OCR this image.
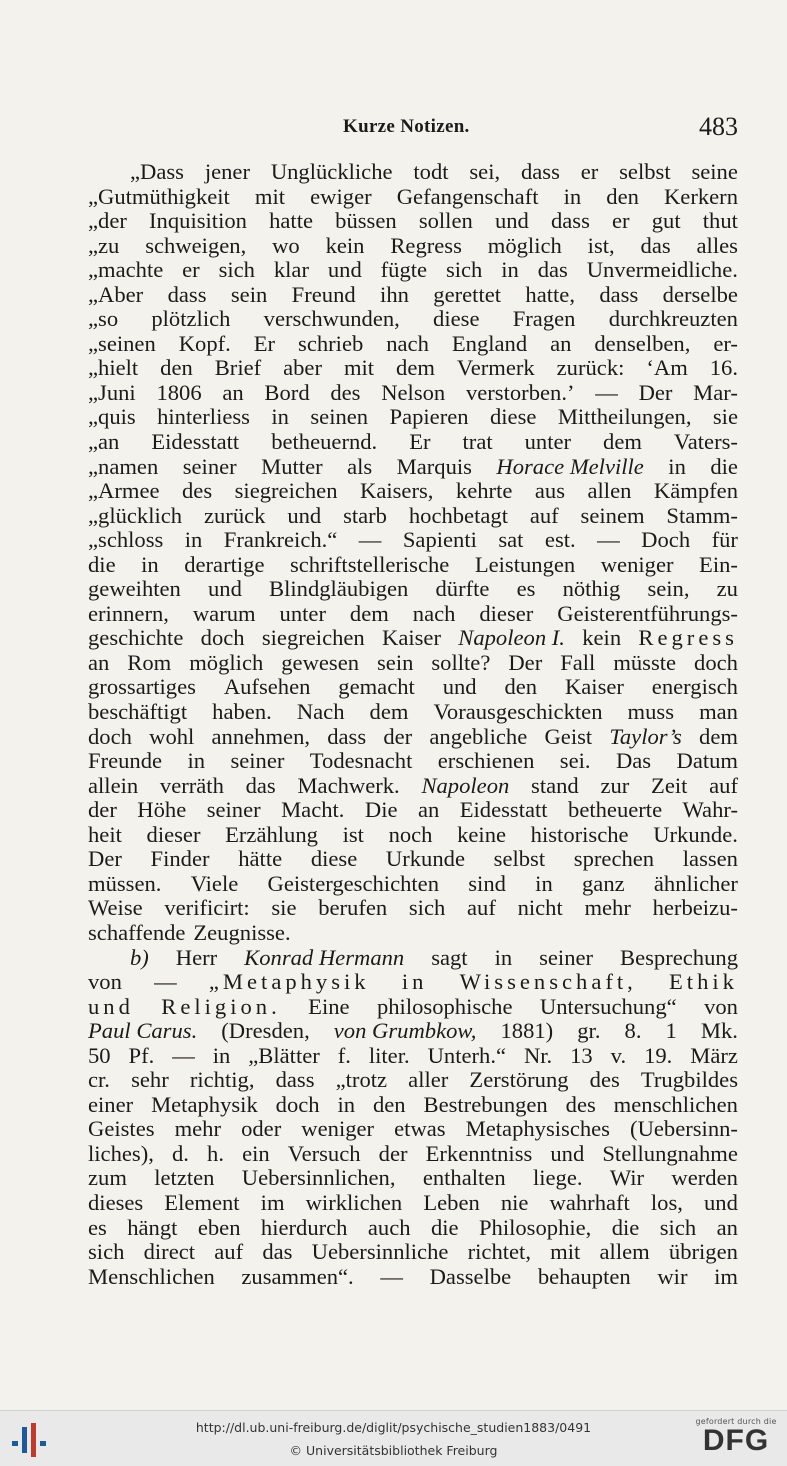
Kurze Notizen.	483
„Dass jener Unglückliche todt sei, dass er selbst seine
„Gutmüthigkeit mit ewiger Gefangenschaft in den Kerkern
„der Inquisition hatte büssen sollen und dass er gut thut
„zu schweigen, wo kein Regress möglich ist, das alles
„machte er sich klar und fügte sich in das Unvermeidliche.
„Aber dass sein Freund ihn gerettet hatte, dass derselbe
„so plötzlich verschwunden, diese Fragen durchkreuzten
„seinen Kopf. Er schrieb nach England an denselben, er-
„hielt den Brief aber mit dem Vermerk zurück: ‘Am 16.
„Juni 1806 an Bord des Nelson verstorben.’ — Der Mar-
„quis hinterliess in seinen Papieren diese Mittheilungen, sie
„an Eidesstatt betheuernd. Er trat unter dem Vaters-
„namen seiner Mutter als Marquis Horace Melville in die
„Armee des siegreichen Kaisers, kehrte aus allen Kämpfen
„glücklich zurück und starb hochbetagt auf seinem Stamm-
„schloss in Frankreich.“ — Sapienti sat est. — Doch für
die in derartige schriftstellerische Leistungen weniger Ein-
geweihten und Blindgläubigen dürfte es nöthig sein, zu
erinnern, warum unter dem nach dieser Geisterentführungs-
geschichte doch siegreichen Kaiser Napoleon I. kein Regress
an Rom möglich gewesen sein sollte? Der Fall müsste doch
grossartiges Aufsehen gemacht und den Kaiser energisch
beschäftigt haben. Nach dem Vorausgeschickten muss man
doch wohl annehmen, dass der angebliche Geist Taylor’s dem
Freunde in seiner Todesnacht erschienen sei. Das Datum
allein verräth das Machwerk. Napoleon stand zur Zeit auf
der Höhe seiner Macht. Die an Eidesstatt betheuerte Wahr-
heit dieser Erzählung ist noch keine historische Urkunde.
Der Finder hätte diese Urkunde selbst sprechen lassen
müssen. Viele Geistergeschichten sind in ganz ähnlicher
Weise verificirt: sie berufen sich auf nicht mehr herbeizu-
schaffende Zeugnisse.
b) Herr Konrad Hermann sagt in seiner Besprechung
von — „Metaphysik in Wissenschaft, Ethik
und Religion. Eine philosophische Untersuchung“ von
Paul Carus. (Dresden, von Grumbkow, 1881) gr. 8. 1 Mk.
50 Pf. — in „Blätter f. liter. Unterh.“ Nr. 13 v. 19. März
cr. sehr richtig, dass „trotz aller Zerstörung des Trugbildes
einer Metaphysik doch in den Bestrebungen des menschlichen
Geistes mehr oder weniger etwas Metaphysisches (Uebersinn-
liches), d. h. ein Versuch der Erkenntniss und Stellungnahme
zum letzten Uebersinnlichen, enthalten liege. Wir werden
dieses Element im wirklichen Leben nie wahrhaft los, und
es hängt eben hierdurch auch die Philosophie, die sich an
sich direct auf das Uebersinnliche richtet, mit allem übrigen
Menschlichen zusammen“. — Dasselbe behaupten wir im
http://dl.ub.uni-freiburg.de/diglit/psychische_studien1883/0491
© Universitätsbibliothek Freiburg
gefordert durch die
DFG
